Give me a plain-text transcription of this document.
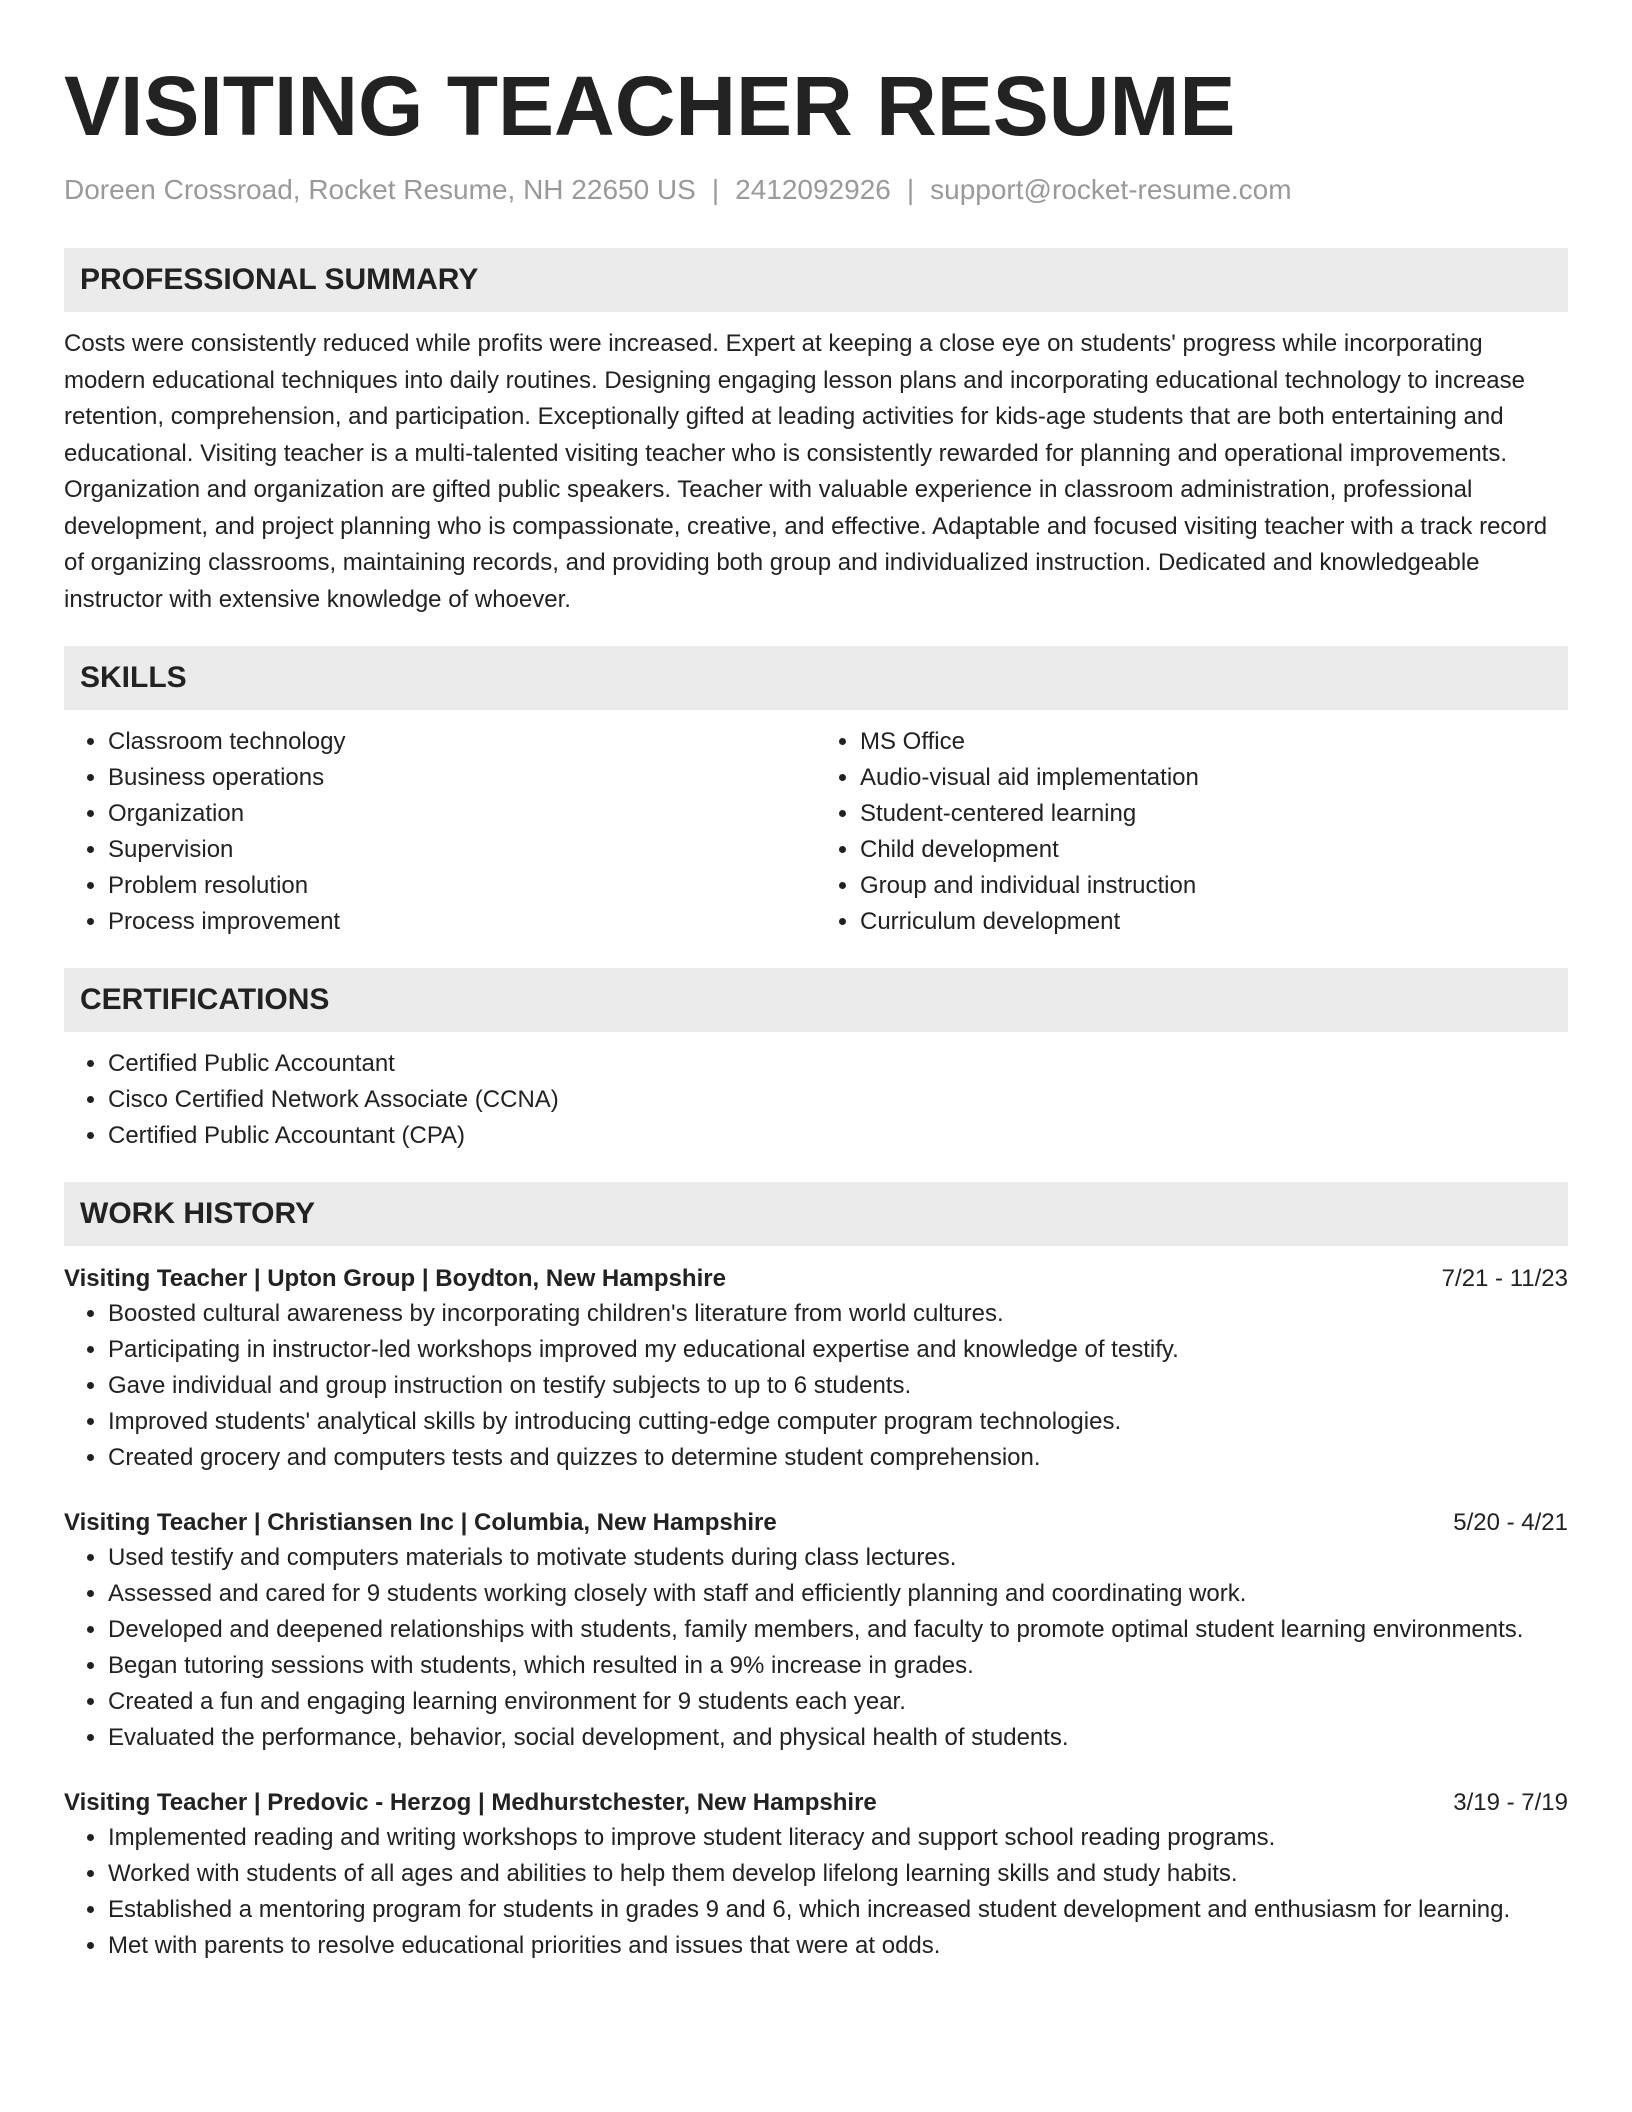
VISITING TEACHER RESUME
Doreen Crossroad, Rocket Resume, NH 22650 US | 2412092926 | support@rocket-resume.com
PROFESSIONAL SUMMARY

Costs were consistently reduced while profits were increased. Expert at keeping a close eye on students' progress while incorporating modern educational techniques into daily routines. Designing engaging lesson plans and incorporating educational technology to increase retention, comprehension, and participation. Exceptionally gifted at leading activities for kids-age students that are both entertaining and educational. Visiting teacher is a multi-talented visiting teacher who is consistently rewarded for planning and operational improvements. Organization and organization are gifted public speakers. Teacher with valuable experience in classroom administration, professional development, and project planning who is compassionate, creative, and effective. Adaptable and focused visiting teacher with a track record of organizing classrooms, maintaining records, and providing both group and individualized instruction. Dedicated and knowledgeable instructor with extensive knowledge of whoever.

SKILLS
• Classroom technology
• Business operations
• Organization
• Supervision
• Problem resolution
• Process improvement
• MS Office
• Audio-visual aid implementation
• Student-centered learning
• Child development
• Group and individual instruction
• Curriculum development
CERTIFICATIONS
• Certified Public Accountant
• Cisco Certified Network Associate (CCNA)
• Certified Public Accountant (CPA)
WORK HISTORY
Visiting Teacher | Upton Group | Boydton, New Hampshire	7/21 - 11/23
• Boosted cultural awareness by incorporating children's literature from world cultures.
• Participating in instructor-led workshops improved my educational expertise and knowledge of testify.
• Gave individual and group instruction on testify subjects to up to 6 students.
• Improved students' analytical skills by introducing cutting-edge computer program technologies.
• Created grocery and computers tests and quizzes to determine student comprehension.
Visiting Teacher | Christiansen Inc | Columbia, New Hampshire	5/20 - 4/21
• Used testify and computers materials to motivate students during class lectures.
• Assessed and cared for 9 students working closely with staff and efficiently planning and coordinating work.
• Developed and deepened relationships with students, family members, and faculty to promote optimal student learning environments.
• Began tutoring sessions with students, which resulted in a 9% increase in grades.
• Created a fun and engaging learning environment for 9 students each year.
• Evaluated the performance, behavior, social development, and physical health of students.
Visiting Teacher | Predovic - Herzog | Medhurstchester, New Hampshire	3/19 - 7/19
• Implemented reading and writing workshops to improve student literacy and support school reading programs.
• Worked with students of all ages and abilities to help them develop lifelong learning skills and study habits.
• Established a mentoring program for students in grades 9 and 6, which increased student development and enthusiasm for learning.
• Met with parents to resolve educational priorities and issues that were at odds.
